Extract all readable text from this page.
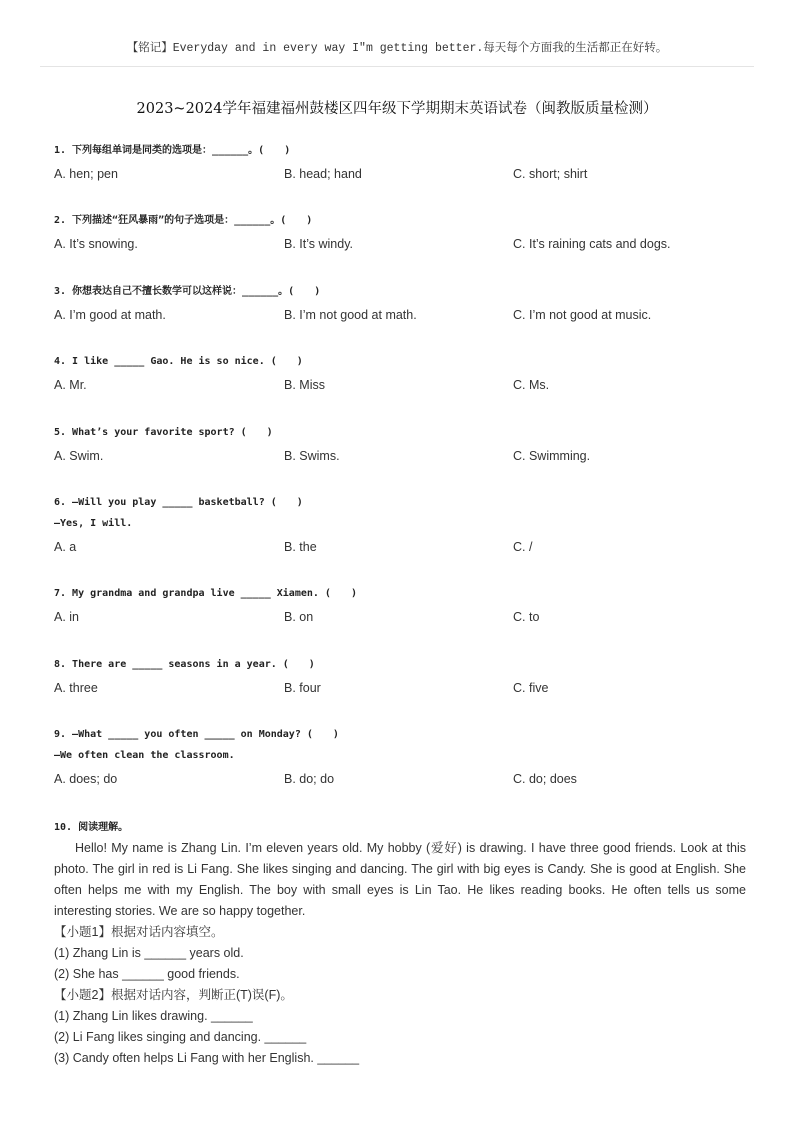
【铭记】Everyday and in every way I"m getting better.每天每个方面我的生活都正在好转。
2023~2024学年福建福州鼓楼区四年级下学期期末英语试卷（闽教版质量检测）
1. 下列每组单词是同类的选项是：______。(　　)
A. hen; pen	B. head; hand	C. short; shirt
2. 下列描述“狂风暴雨”的句子选项是：______。(　　)
A. It’s snowing.	B. It’s windy.	C. It’s raining cats and dogs.
3. 你想表达自己不擅长数学可以这样说：______。(　　)
A. I’m good at math.	B. I’m not good at math.	C. I’m not good at music.
4. I like _____ Gao. He is so nice. (　　)
A. Mr.	B. Miss	C. Ms.
5. What’s your favorite sport? (　　)
A. Swim.	B. Swims.	C. Swimming.
6. —Will you play _____ basketball? (　　)
—Yes, I will.
A. a	B. the	C. /
7. My grandma and grandpa live _____ Xiamen. (　　)
A. in	B. on	C. to
8. There are _____ seasons in a year. (　　)
A. three	B. four	C. five
9. —What _____ you often _____ on Monday? (　　)
—We often clean the classroom.
A. does; do	B. do; do	C. do; does
10. 阅读理解。
Hello! My name is Zhang Lin. I’m eleven years old. My hobby (爱好) is drawing. I have three good friends. Look at this photo. The girl in red is Li Fang. She likes singing and dancing. The girl with big eyes is Candy. She is good at English. She often helps me with my English. The boy with small eyes is Lin Tao. He likes reading books. He often tells us some interesting stories. We are so happy together.
【小题1】根据对话内容填空。
(1) Zhang Lin is ______ years old.
(2) She has ______ good friends.
【小题2】根据对话内容，判断正(T)误(F)。
(1) Zhang Lin likes drawing. ______
(2) Li Fang likes singing and dancing. ______
(3) Candy often helps Li Fang with her English. ______
